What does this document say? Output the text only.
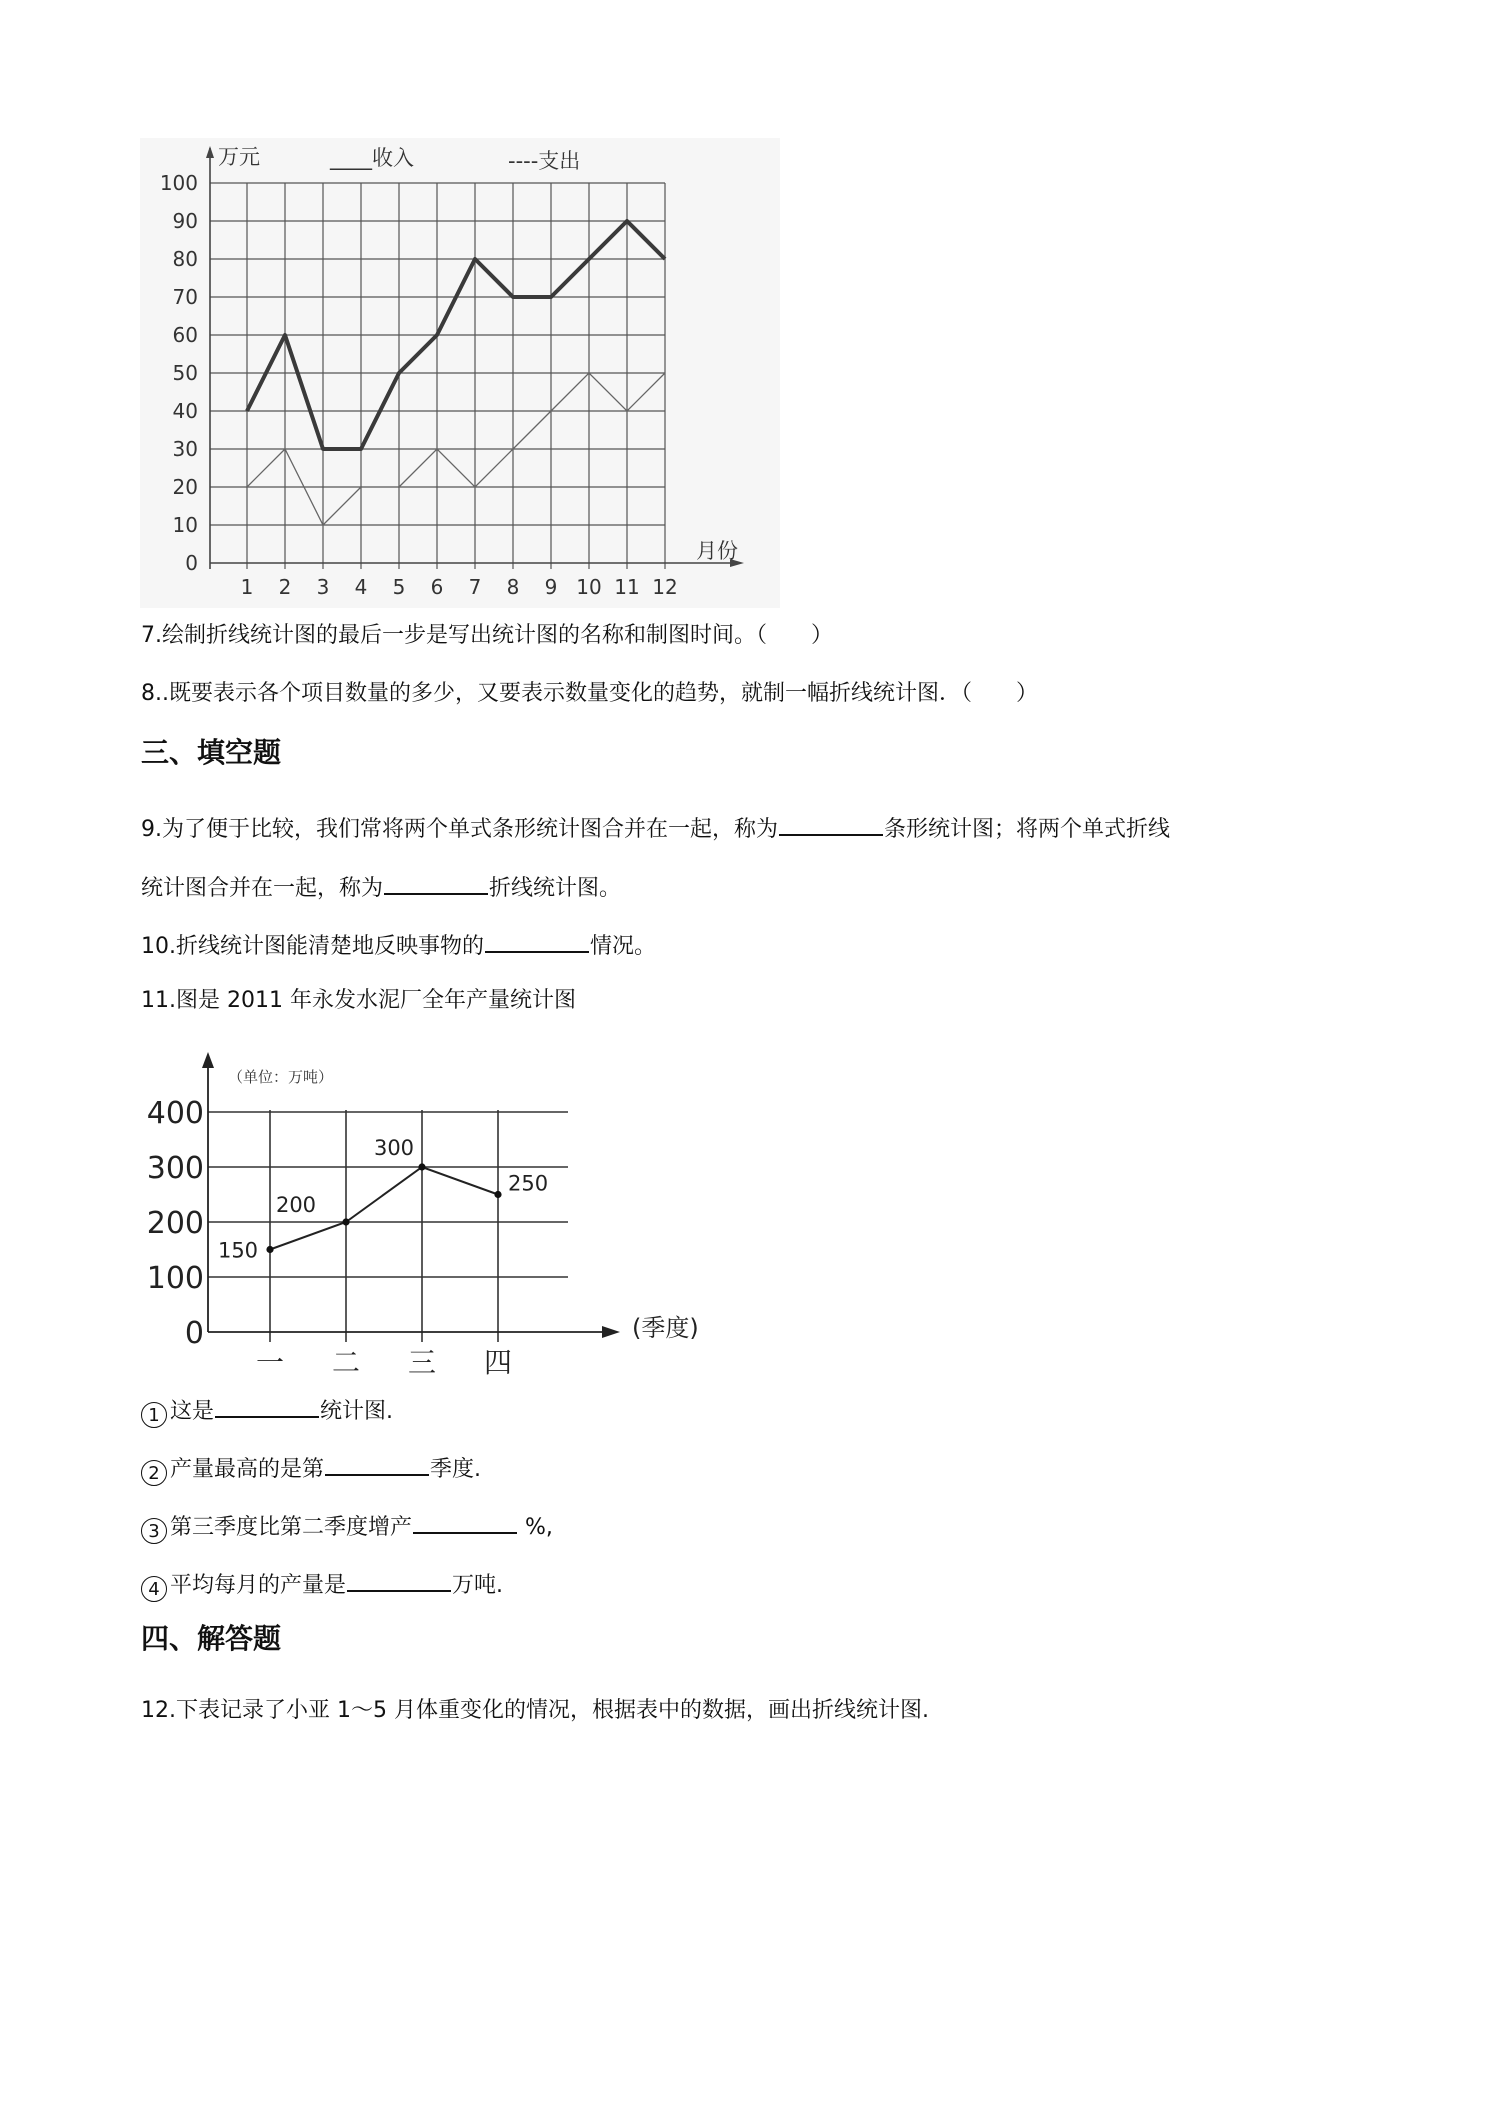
0
10
20
30
40
50
60
70
80
90
100
1 2 3 4 5 6 7 8 9 10 11 12
万元	____收入	----支出
月份
7.绘制折线统计图的最后一步是写出统计图的名称和制图时间。（　　）
8..既要表示各个项目数量的多少，又要表示数量变化的趋势，就制一幅折线统计图．（　　）
三、填空题
9.为了便于比较，我们常将两个单式条形统计图合并在一起，称为	条形统计图；将两个单式折线
统计图合并在一起，称为	折线统计图。
10.折线统计图能清楚地反映事物的	情况。
11.图是 2011 年永发水泥厂全年产量统计图
0
100
200
300
400
一 二 三 四
150
200
300
250
（单位：万吨）
(季度)
1 这是	统计图.
2 产量最高的是第	季度.
3 第三季度比第二季度增产	%,
4 平均每月的产量是	万吨.
四、解答题
12.下表记录了小亚 1～5 月体重变化的情况，根据表中的数据，画出折线统计图.
